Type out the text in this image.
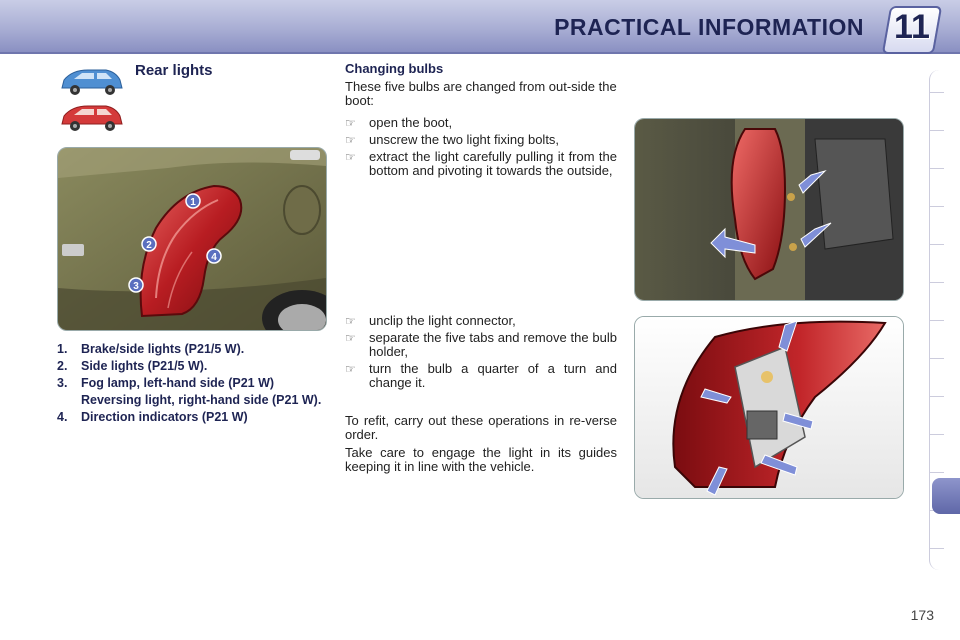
PRACTICAL INFORMATION 11
Rear lights
1
2
3
4
1.	Brake/side lights (P21/5 W).
2.	Side lights (P21/5 W).
3.	Fog lamp, left-hand side (P21 W)
Reversing light, right-hand side (P21 W).
4.	Direction indicators (P21 W)
Changing bulbs
These five bulbs are changed from out-side the boot:
☞	open the boot,
☞	unscrew the two light fixing bolts,
☞	extract the light carefully pulling it from the bottom and pivoting it towards the outside,
☞	unclip the light connector,
☞	separate the five tabs and remove the bulb holder,
☞	turn the bulb a quarter of a turn and change it.
To refit, carry out these operations in re-verse order.
Take care to engage the light in its guides keeping it in line with the vehicle.
173
